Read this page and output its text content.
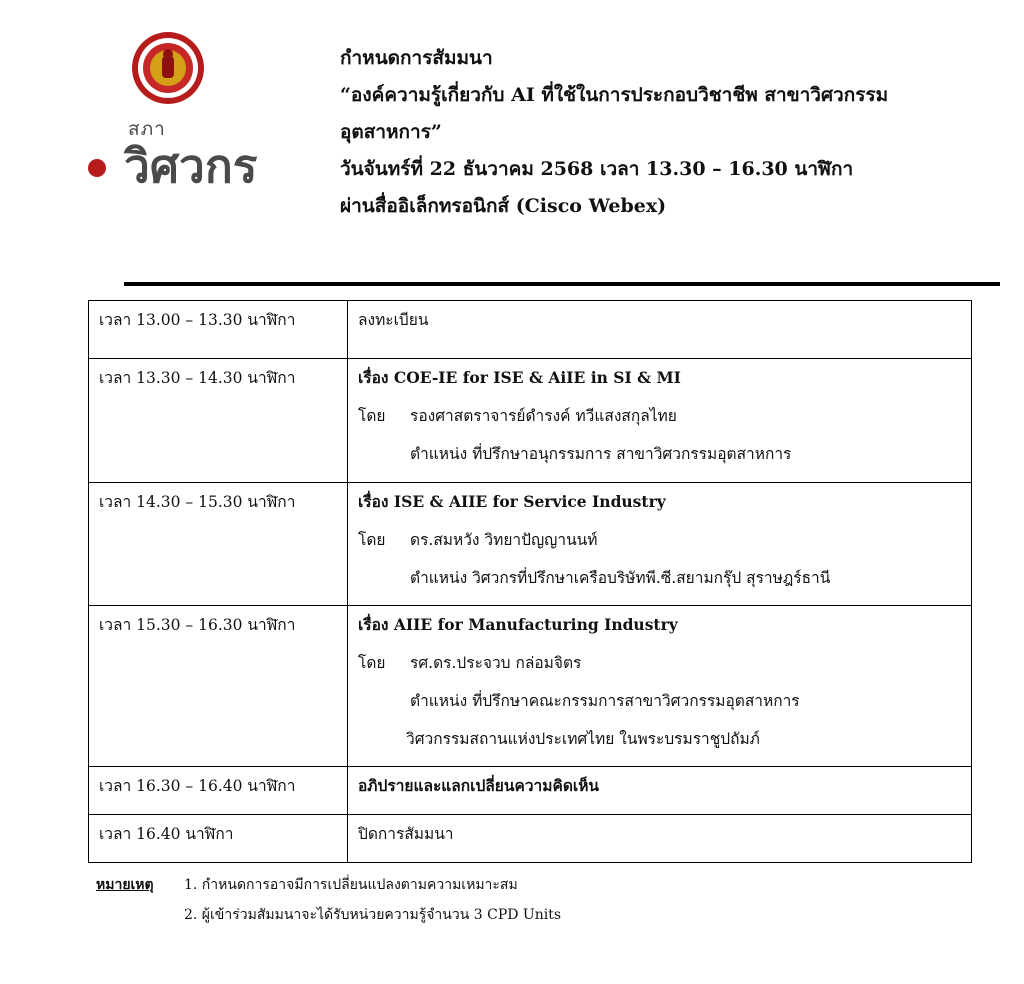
สภา
วิศวกร
กำหนดการสัมมนา
“องค์ความรู้เกี่ยวกับ AI ที่ใช้ในการประกอบวิชาชีพ สาขาวิศวกรรม
อุตสาหการ”
วันจันทร์ที่ 22 ธันวาคม 2568 เวลา 13.30 – 16.30 นาฬิกา
ผ่านสื่ออิเล็กทรอนิกส์ (Cisco Webex)
เวลา 13.00 – 13.30 นาฬิกา	ลงทะเบียน

เวลา 13.30 – 14.30 นาฬิกา	เรื่อง COE-IE for ISE & AiIE in SI & MI
โดย รองศาสตราจารย์ดำรงค์ ทวีแสงสกุลไทย
ตำแหน่ง ที่ปรึกษาอนุกรรมการ สาขาวิศวกรรมอุตสาหการ

เวลา 14.30 – 15.30 นาฬิกา	เรื่อง ISE & AIIE for Service Industry
โดย ดร.สมหวัง วิทยาปัญญานนท์
ตำแหน่ง วิศวกรที่ปรึกษาเครือบริษัทพี.ซี.สยามกรุ๊ป สุราษฎร์ธานี

เวลา 15.30 – 16.30 นาฬิกา	เรื่อง AIIE for Manufacturing Industry
โดย รศ.ดร.ประจวบ กล่อมจิตร
ตำแหน่ง ที่ปรึกษาคณะกรรมการสาขาวิศวกรรมอุตสาหการ
วิศวกรรมสถานแห่งประเทศไทย ในพระบรมราชูปถัมภ์

เวลา 16.30 – 16.40 นาฬิกา	อภิปรายและแลกเปลี่ยนความคิดเห็น

เวลา 16.40 นาฬิกา	ปิดการสัมมนา
หมายเหตุ 1. กำหนดการอาจมีการเปลี่ยนแปลงตามความเหมาะสม
2. ผู้เข้าร่วมสัมมนาจะได้รับหน่วยความรู้จำนวน 3 CPD Units
